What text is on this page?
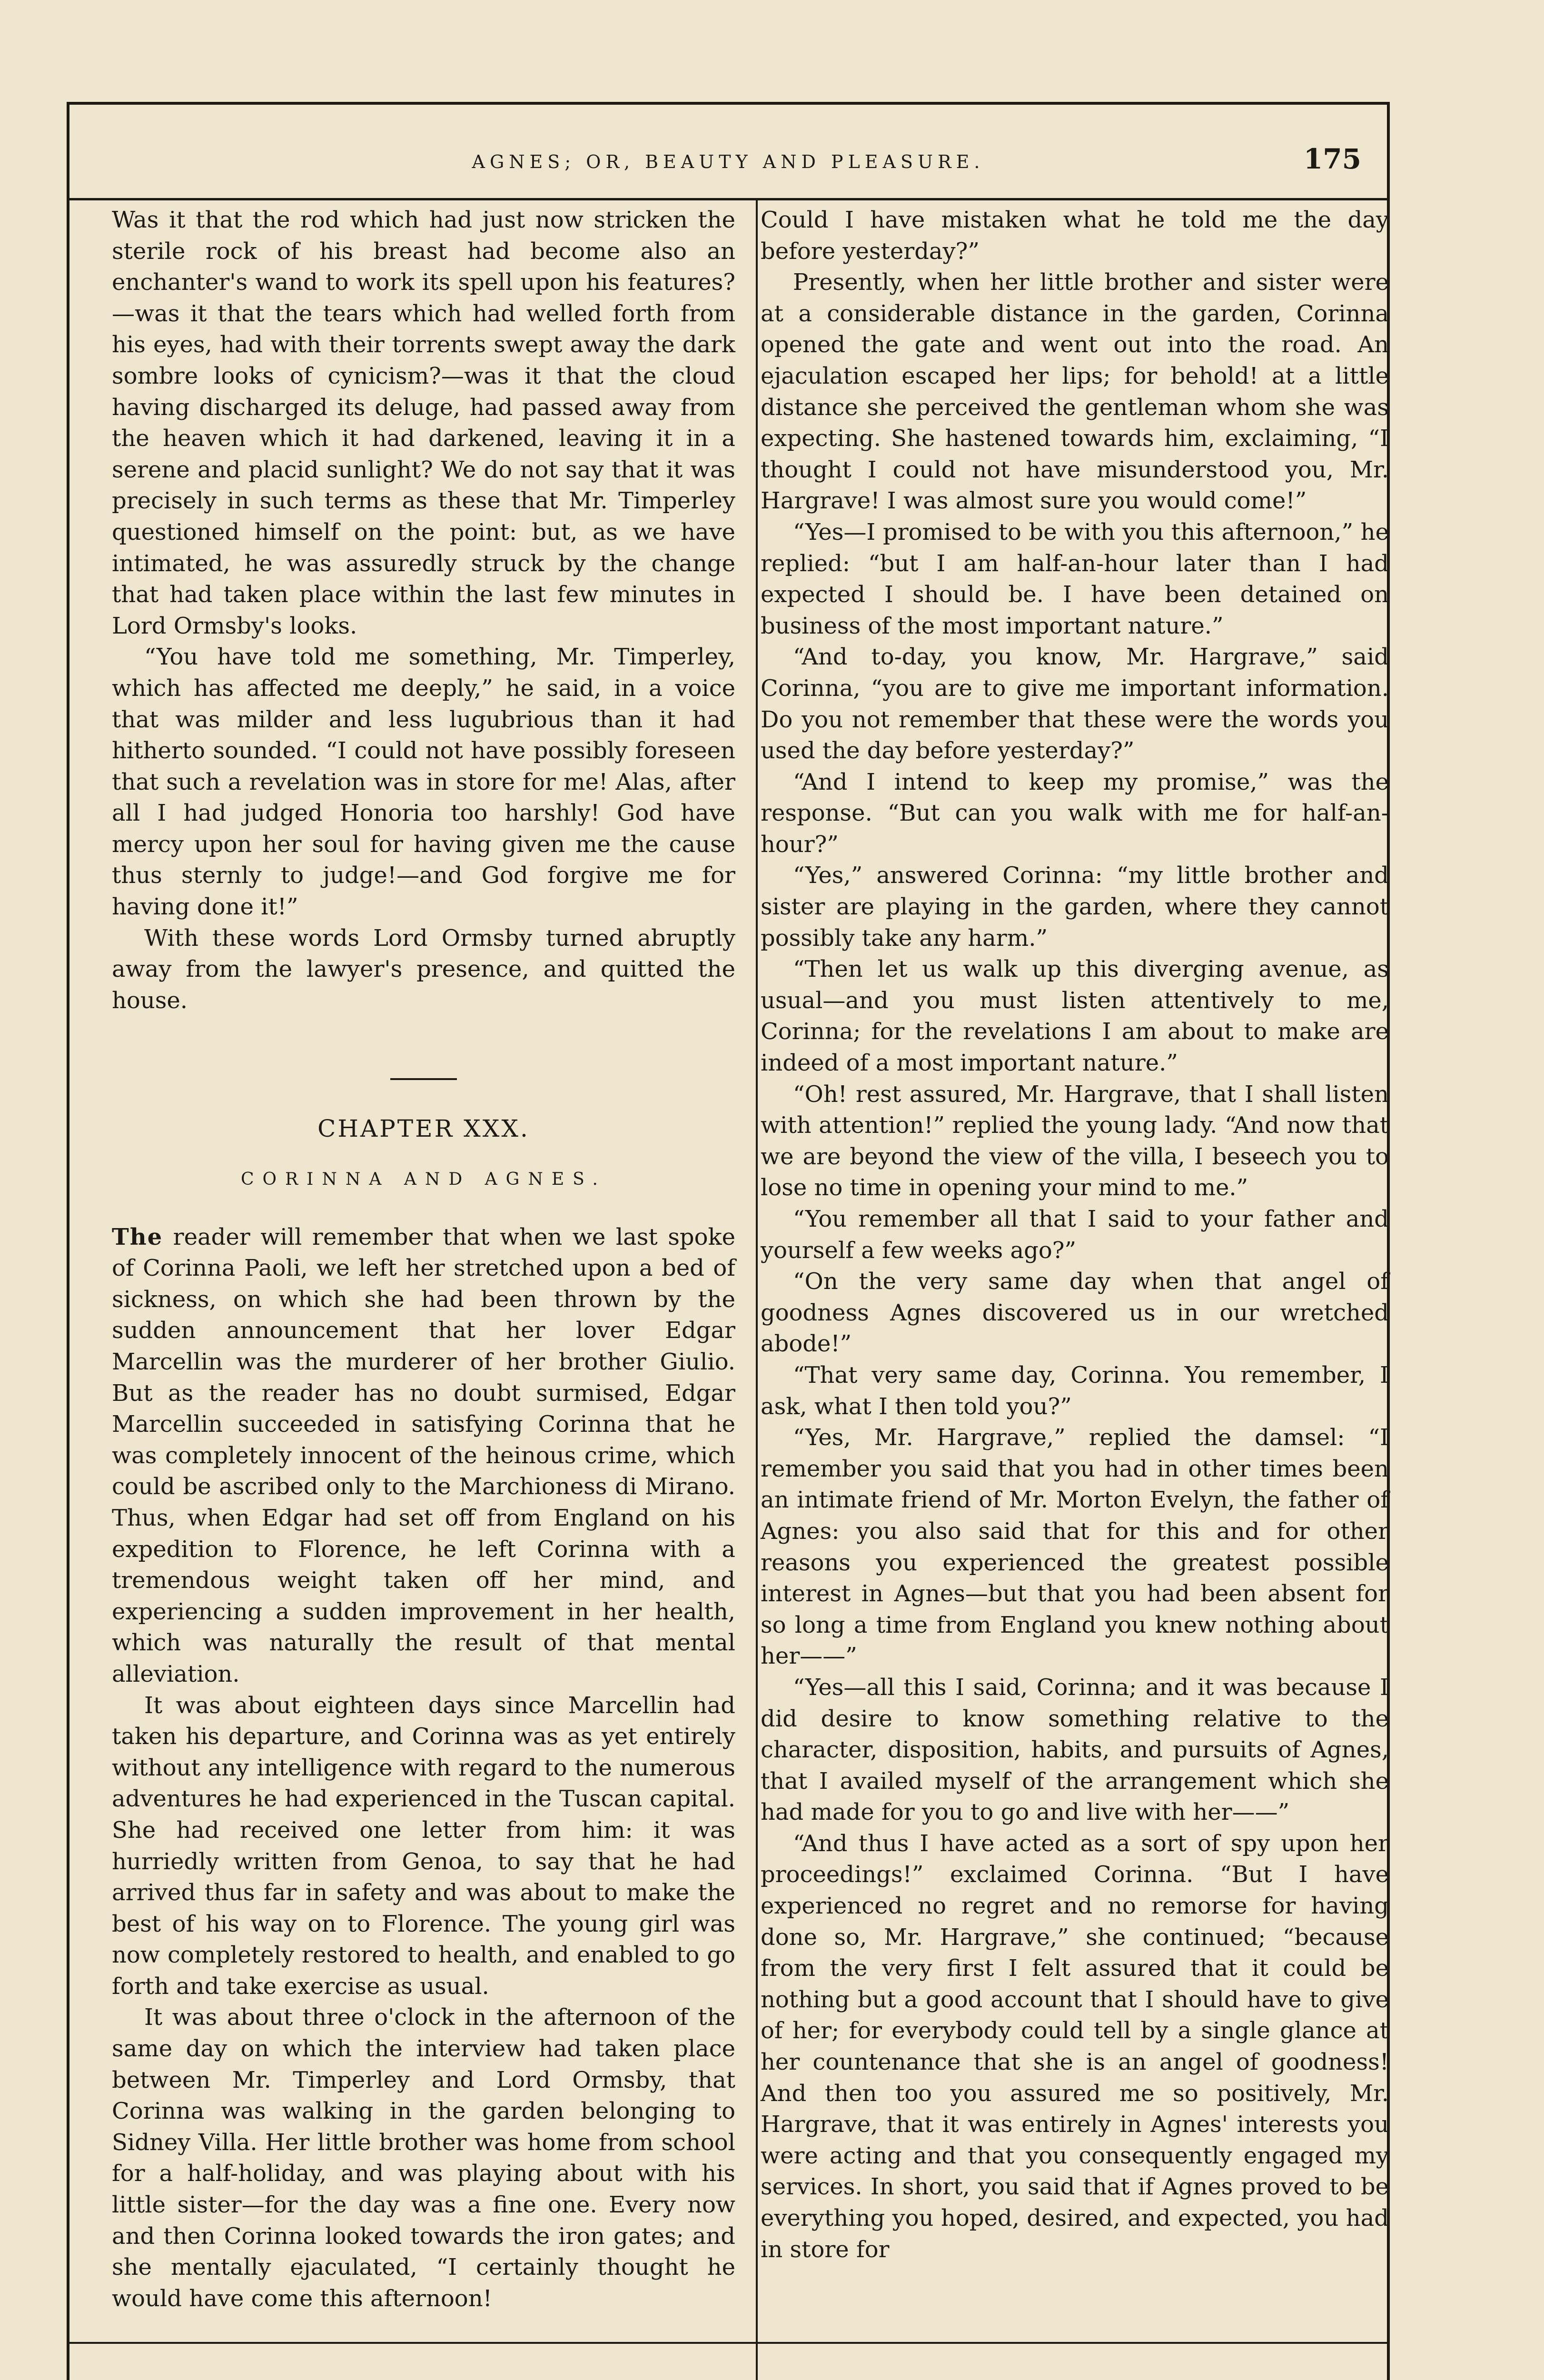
AGNES; OR, BEAUTY AND PLEASURE.	175

Was it that the rod which had just now stricken the sterile rock of his breast had become also an enchanter's wand to work its spell upon his features?—was it that the tears which had welled forth from his eyes, had with their torrents swept away the dark sombre looks of cynicism?—was it that the cloud having discharged its deluge, had passed away from the heaven which it had darkened, leaving it in a serene and placid sunlight? We do not say that it was precisely in such terms as these that Mr. Timperley questioned himself on the point: but, as we have intimated, he was assuredly struck by the change that had taken place within the last few minutes in Lord Ormsby's looks.

“You have told me something, Mr. Timperley, which has affected me deeply,” he said, in a voice that was milder and less lugubrious than it had hitherto sounded. “I could not have possibly foreseen that such a revelation was in store for me! Alas, after all I had judged Honoria too harshly! God have mercy upon her soul for having given me the cause thus sternly to judge!—and God forgive me for having done it!”

With these words Lord Ormsby turned abruptly away from the lawyer's presence, and quitted the house.

CHAPTER XXX.
CORINNA AND AGNES.

The reader will remember that when we last spoke of Corinna Paoli, we left her stretched upon a bed of sickness, on which she had been thrown by the sudden announcement that her lover Edgar Marcellin was the murderer of her brother Giulio. But as the reader has no doubt surmised, Edgar Marcellin succeeded in satisfying Corinna that he was completely innocent of the heinous crime, which could be ascribed only to the Marchioness di Mirano. Thus, when Edgar had set off from England on his expedition to Florence, he left Corinna with a tremendous weight taken off her mind, and experiencing a sudden improvement in her health, which was naturally the result of that mental alleviation.

It was about eighteen days since Marcellin had taken his departure, and Corinna was as yet entirely without any intelligence with regard to the numerous adventures he had experienced in the Tuscan capital. She had received one letter from him: it was hurriedly written from Genoa, to say that he had arrived thus far in safety and was about to make the best of his way on to Florence. The young girl was now completely restored to health, and enabled to go forth and take exercise as usual.

It was about three o'clock in the afternoon of the same day on which the interview had taken place between Mr. Timperley and Lord Ormsby, that Corinna was walking in the garden belonging to Sidney Villa. Her little brother was home from school for a half-holiday, and was playing about with his little sister—for the day was a fine one. Every now and then Corinna looked towards the iron gates; and she mentally ejaculated, “I certainly thought he would have come this afternoon!

Could I have mistaken what he told me the day before yesterday?”

Presently, when her little brother and sister were at a considerable distance in the garden, Corinna opened the gate and went out into the road. An ejaculation escaped her lips; for behold! at a little distance she perceived the gentleman whom she was expecting. She hastened towards him, exclaiming, “I thought I could not have misunderstood you, Mr. Hargrave! I was almost sure you would come!”

“Yes—I promised to be with you this afternoon,” he replied: “but I am half-an-hour later than I had expected I should be. I have been detained on business of the most important nature.”

“And to-day, you know, Mr. Hargrave,” said Corinna, “you are to give me important information. Do you not remember that these were the words you used the day before yesterday?”

“And I intend to keep my promise,” was the response. “But can you walk with me for half-an-hour?”

“Yes,” answered Corinna: “my little brother and sister are playing in the garden, where they cannot possibly take any harm.”

“Then let us walk up this diverging avenue, as usual—and you must listen attentively to me, Corinna; for the revelations I am about to make are indeed of a most important nature.”

“Oh! rest assured, Mr. Hargrave, that I shall listen with attention!” replied the young lady. “And now that we are beyond the view of the villa, I beseech you to lose no time in opening your mind to me.”

“You remember all that I said to your father and yourself a few weeks ago?”

“On the very same day when that angel of goodness Agnes discovered us in our wretched abode!”

“That very same day, Corinna. You remember, I ask, what I then told you?”

“Yes, Mr. Hargrave,” replied the damsel: “I remember you said that you had in other times been an intimate friend of Mr. Morton Evelyn, the father of Agnes: you also said that for this and for other reasons you experienced the greatest possible interest in Agnes—but that you had been absent for so long a time from England you knew nothing about her——”

“Yes—all this I said, Corinna; and it was because I did desire to know something relative to the character, disposition, habits, and pursuits of Agnes, that I availed myself of the arrangement which she had made for you to go and live with her——”

“And thus I have acted as a sort of spy upon her proceedings!” exclaimed Corinna. “But I have experienced no regret and no remorse for having done so, Mr. Hargrave,” she continued; “because from the very first I felt assured that it could be nothing but a good account that I should have to give of her; for everybody could tell by a single glance at her countenance that she is an angel of goodness! And then too you assured me so positively, Mr. Hargrave, that it was entirely in Agnes' interests you were acting and that you consequently engaged my services. In short, you said that if Agnes proved to be everything you hoped, desired, and expected, you had in store for
